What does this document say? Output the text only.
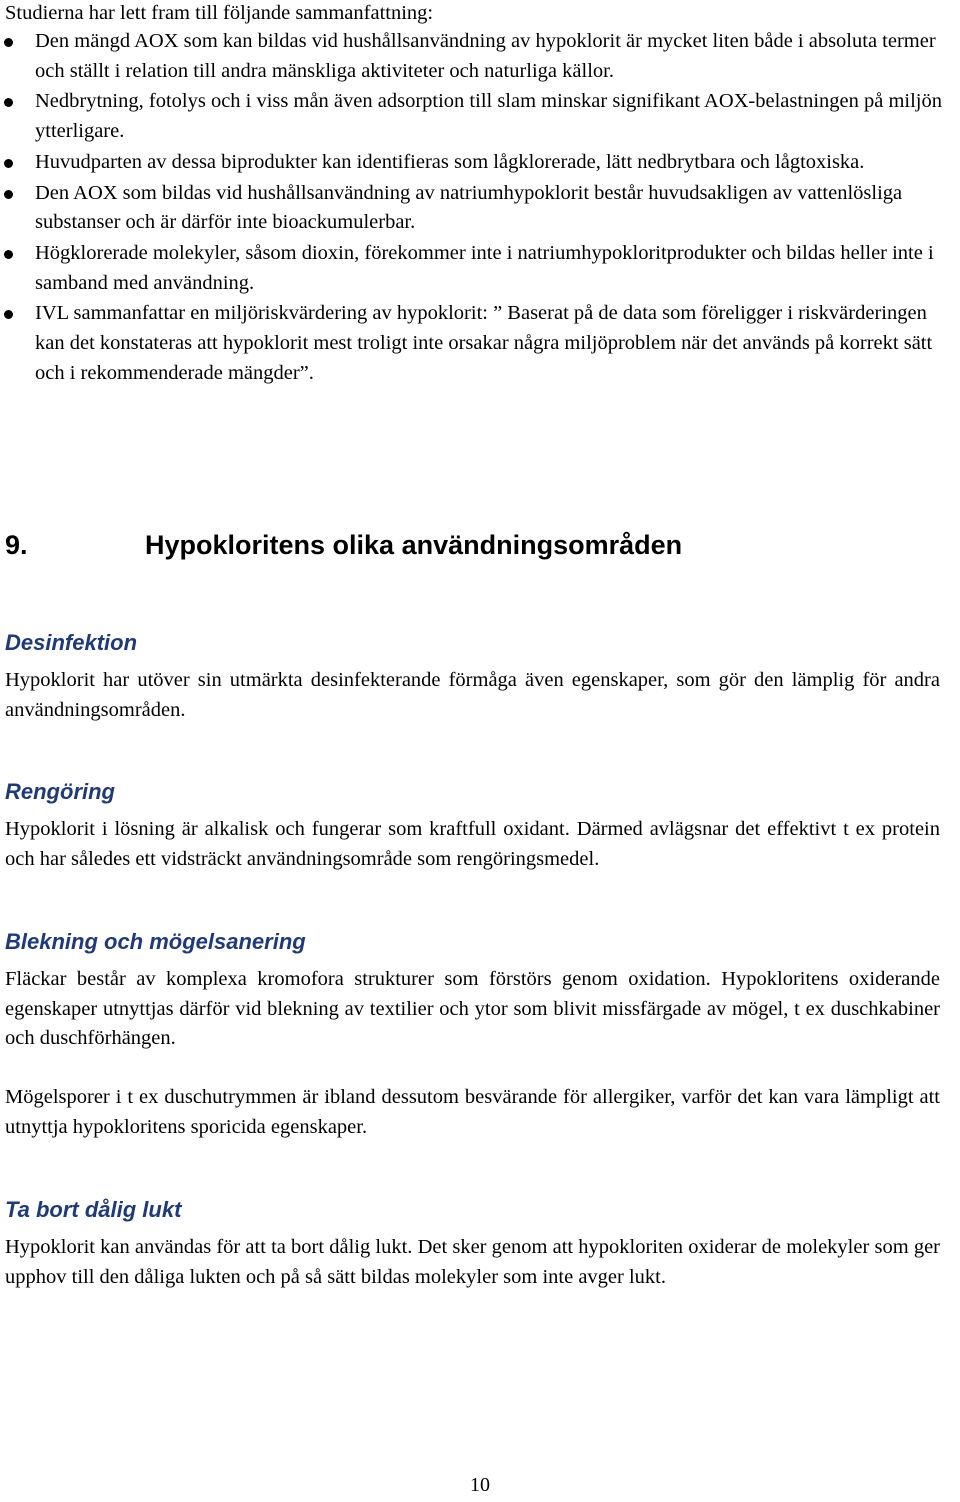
Studierna har lett fram till följande sammanfattning:
Den mängd AOX som kan bildas vid hushållsanvändning av hypoklorit är mycket liten både i absoluta termer och ställt i relation till andra mänskliga aktiviteter och naturliga källor.
Nedbrytning, fotolys och i viss mån även adsorption till slam minskar signifikant AOX-belastningen på miljön ytterligare.
Huvudparten av dessa biprodukter kan identifieras som lågklorerade, lätt nedbrytbara och lågtoxiska.
Den AOX som bildas vid hushållsanvändning av natriumhypoklorit består huvudsakligen av vattenlösliga substanser och är därför inte bioackumulerbar.
Högklorerade molekyler, såsom dioxin, förekommer inte i natriumhypokloritprodukter och bildas heller inte i samband med användning.
IVL sammanfattar en miljöriskvärdering av hypoklorit: ” Baserat på de data som föreligger i riskvärderingen kan det konstateras att hypoklorit mest troligt inte orsakar några miljöproblem när det används på korrekt sätt och i rekommenderade mängder”.
9.	Hypokloritens olika användningsområden
Desinfektion

Hypoklorit har utöver sin utmärkta desinfekterande förmåga även egenskaper, som gör den lämplig för andra användningsområden.

Rengöring

Hypoklorit i lösning är alkalisk och fungerar som kraftfull oxidant. Därmed avlägsnar det effektivt t ex protein och har således ett vidsträckt användningsområde som rengöringsmedel.

Blekning och mögelsanering

Fläckar består av komplexa kromofora strukturer som förstörs genom oxidation. Hypokloritens oxiderande egenskaper utnyttjas därför vid blekning av textilier och ytor som blivit missfärgade av mögel, t ex duschkabiner och duschförhängen.

Mögelsporer i t ex duschutrymmen är ibland dessutom besvärande för allergiker, varför det kan vara lämpligt att utnyttja hypokloritens sporicida egenskaper.

Ta bort dålig lukt

Hypoklorit kan användas för att ta bort dålig lukt. Det sker genom att hypokloriten oxiderar de molekyler som ger upphov till den dåliga lukten och på så sätt bildas molekyler som inte avger lukt.

10
